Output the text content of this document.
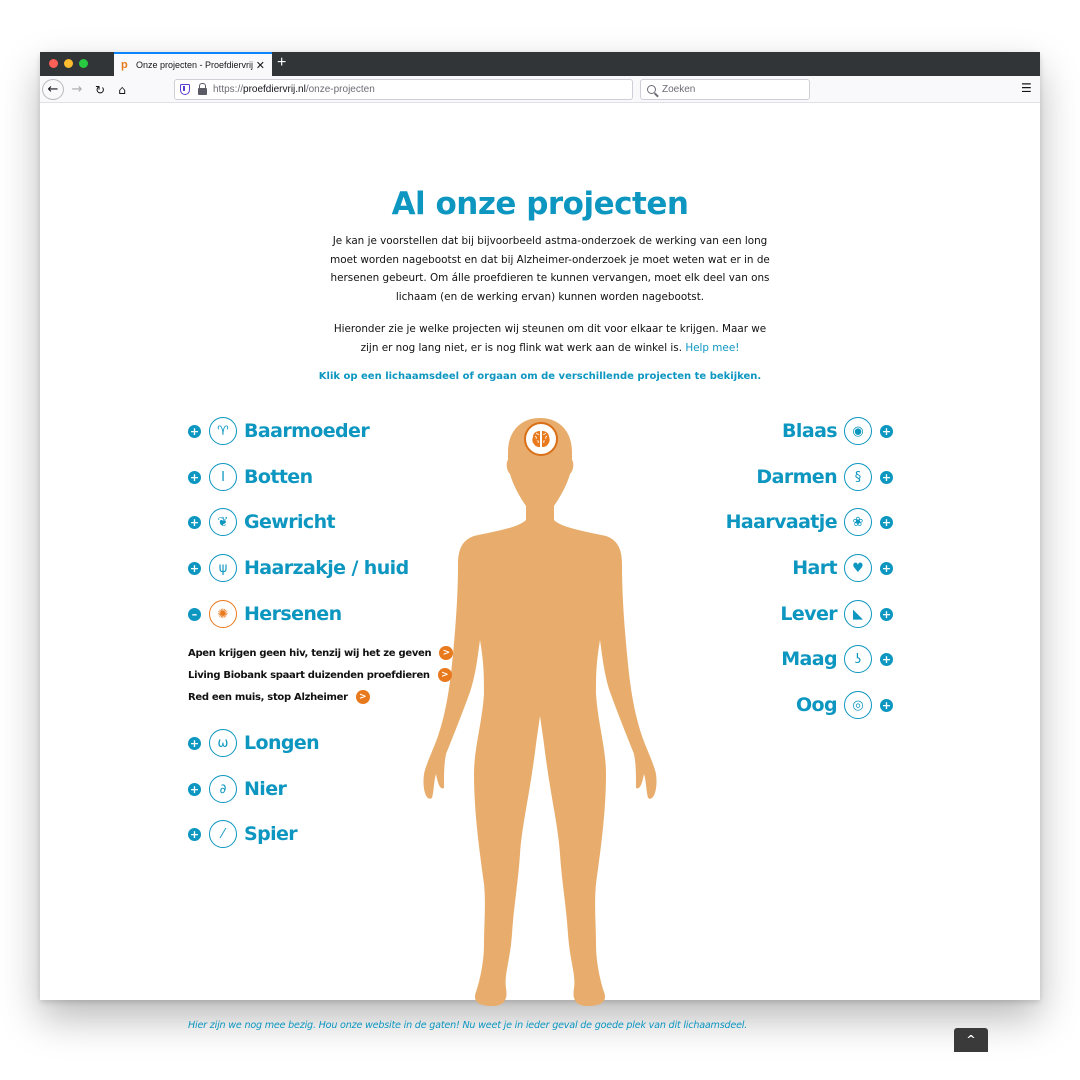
p Onze projecten - Proefdiervrij ✕ +
←	→	↻	⌂	https://proefdiervrij.nl/onze-projecten	Zoeken	☰
Al onze projecten

Je kan je voorstellen dat bij bijvoorbeeld astma-onderzoek de werking van een long moet worden nagebootst en dat bij Alzheimer-onderzoek je moet weten wat er in de hersenen gebeurt. Om álle proefdieren te kunnen vervangen, moet elk deel van ons lichaam (en de werking ervan) kunnen worden nagebootst.

Hieronder zie je welke projecten wij steunen om dit voor elkaar te krijgen. Maar we zijn er nog lang niet, er is nog flink wat werk aan de winkel is. Help mee!

Klik op een lichaamsdeel of orgaan om de verschillende projecten te bekijken.

+	♈ Baarmoeder
+	I	Botten
+	❦ Gewricht
+	ψ Haarzakje / huid
–	✺ Hersenen
Apen krijgen geen hiv, tenzij wij het ze geven	>
Living Biobank spaart duizenden proefdieren	>
Red een muis, stop Alzheimer	>
+	ω Longen
+	∂ Nier
+	⁄	Spier
Blaas	◉	+
Darmen	§	+
Haarvaatje	❀	+
Hart	♥	+
Lever	◣	+
Maag	ʖ	+
Oog	◎	+

Hier zijn we nog mee bezig. Hou onze website in de gaten! Nu weet je in ieder geval de goede plek van dit lichaamsdeel.

^
